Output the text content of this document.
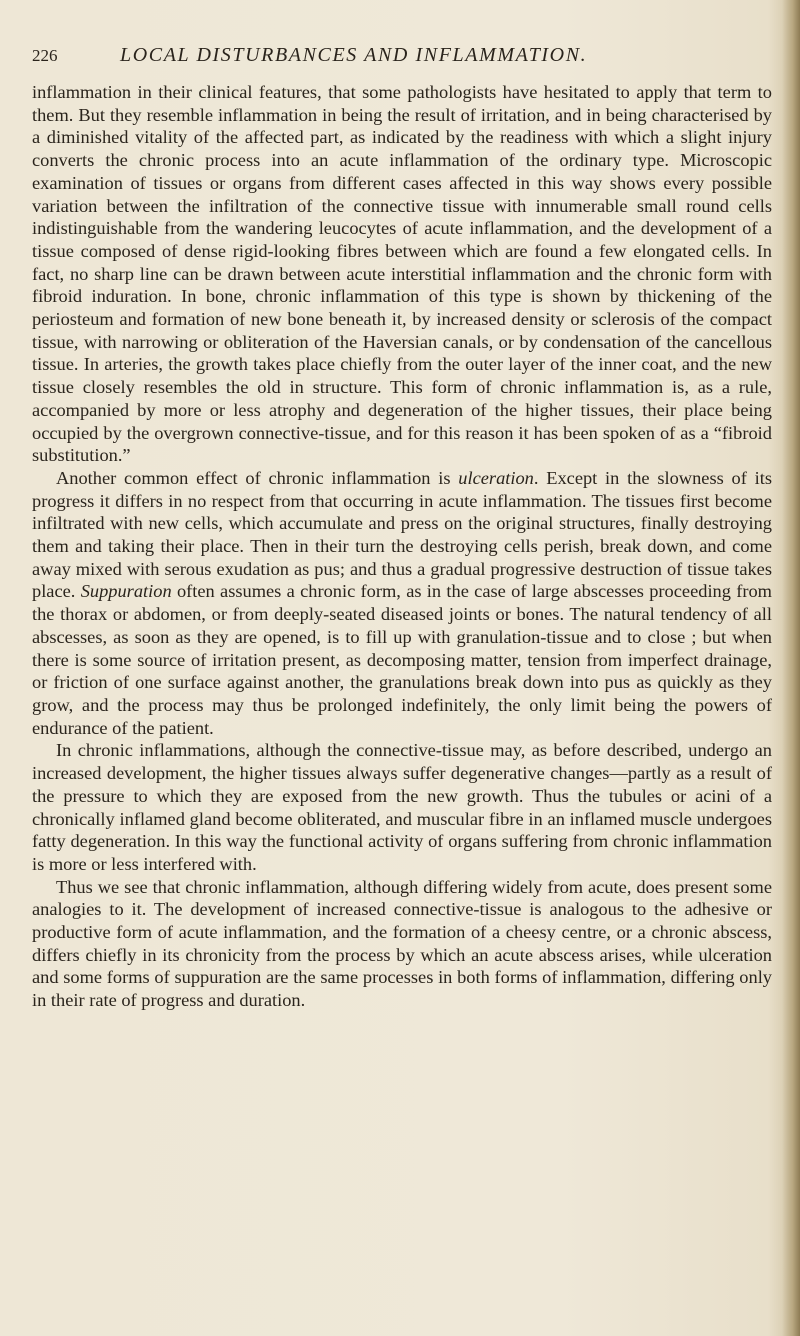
226	LOCAL DISTURBANCES AND INFLAMMATION.

inflammation in their clinical features, that some pathologists have hesitated to apply that term to them. But they resemble inflammation in being the result of irritation, and in being characterised by a diminished vitality of the affected part, as indicated by the readiness with which a slight injury converts the chronic process into an acute inflammation of the ordinary type. Microscopic examination of tissues or organs from different cases affected in this way shows every possible variation between the infiltration of the connective tissue with innumerable small round cells indistinguishable from the wandering leucocytes of acute inflammation, and the development of a tissue composed of dense rigid-looking fibres between which are found a few elongated cells. In fact, no sharp line can be drawn between acute interstitial inflammation and the chronic form with fibroid induration. In bone, chronic inflammation of this type is shown by thickening of the periosteum and formation of new bone beneath it, by increased density or sclerosis of the compact tissue, with narrowing or obliteration of the Haversian canals, or by condensation of the cancellous tissue. In arteries, the growth takes place chiefly from the outer layer of the inner coat, and the new tissue closely resembles the old in structure. This form of chronic inflammation is, as a rule, accompanied by more or less atrophy and degeneration of the higher tissues, their place being occupied by the overgrown connective-tissue, and for this reason it has been spoken of as a “fibroid substitution.”

Another common effect of chronic inflammation is ulceration. Except in the slowness of its progress it differs in no respect from that occurring in acute inflammation. The tissues first become infiltrated with new cells, which accumulate and press on the original structures, finally destroying them and taking their place. Then in their turn the destroying cells perish, break down, and come away mixed with serous exudation as pus; and thus a gradual progressive destruction of tissue takes place. Suppuration often assumes a chronic form, as in the case of large abscesses proceeding from the thorax or abdomen, or from deeply-seated diseased joints or bones. The natural tendency of all abscesses, as soon as they are opened, is to fill up with granulation-tissue and to close ; but when there is some source of irritation present, as decomposing matter, tension from imperfect drainage, or friction of one surface against another, the granulations break down into pus as quickly as they grow, and the process may thus be prolonged indefinitely, the only limit being the powers of endurance of the patient.

In chronic inflammations, although the connective-tissue may, as before described, undergo an increased development, the higher tissues always suffer degenerative changes—partly as a result of the pressure to which they are exposed from the new growth. Thus the tubules or acini of a chronically inflamed gland become obliterated, and muscular fibre in an inflamed muscle undergoes fatty degeneration. In this way the functional activity of organs suffering from chronic inflammation is more or less interfered with.

Thus we see that chronic inflammation, although differing widely from acute, does present some analogies to it. The development of increased connective-tissue is analogous to the adhesive or productive form of acute inflammation, and the formation of a cheesy centre, or a chronic abscess, differs chiefly in its chronicity from the process by which an acute abscess arises, while ulceration and some forms of suppuration are the same processes in both forms of inflammation, differing only in their rate of progress and duration.
